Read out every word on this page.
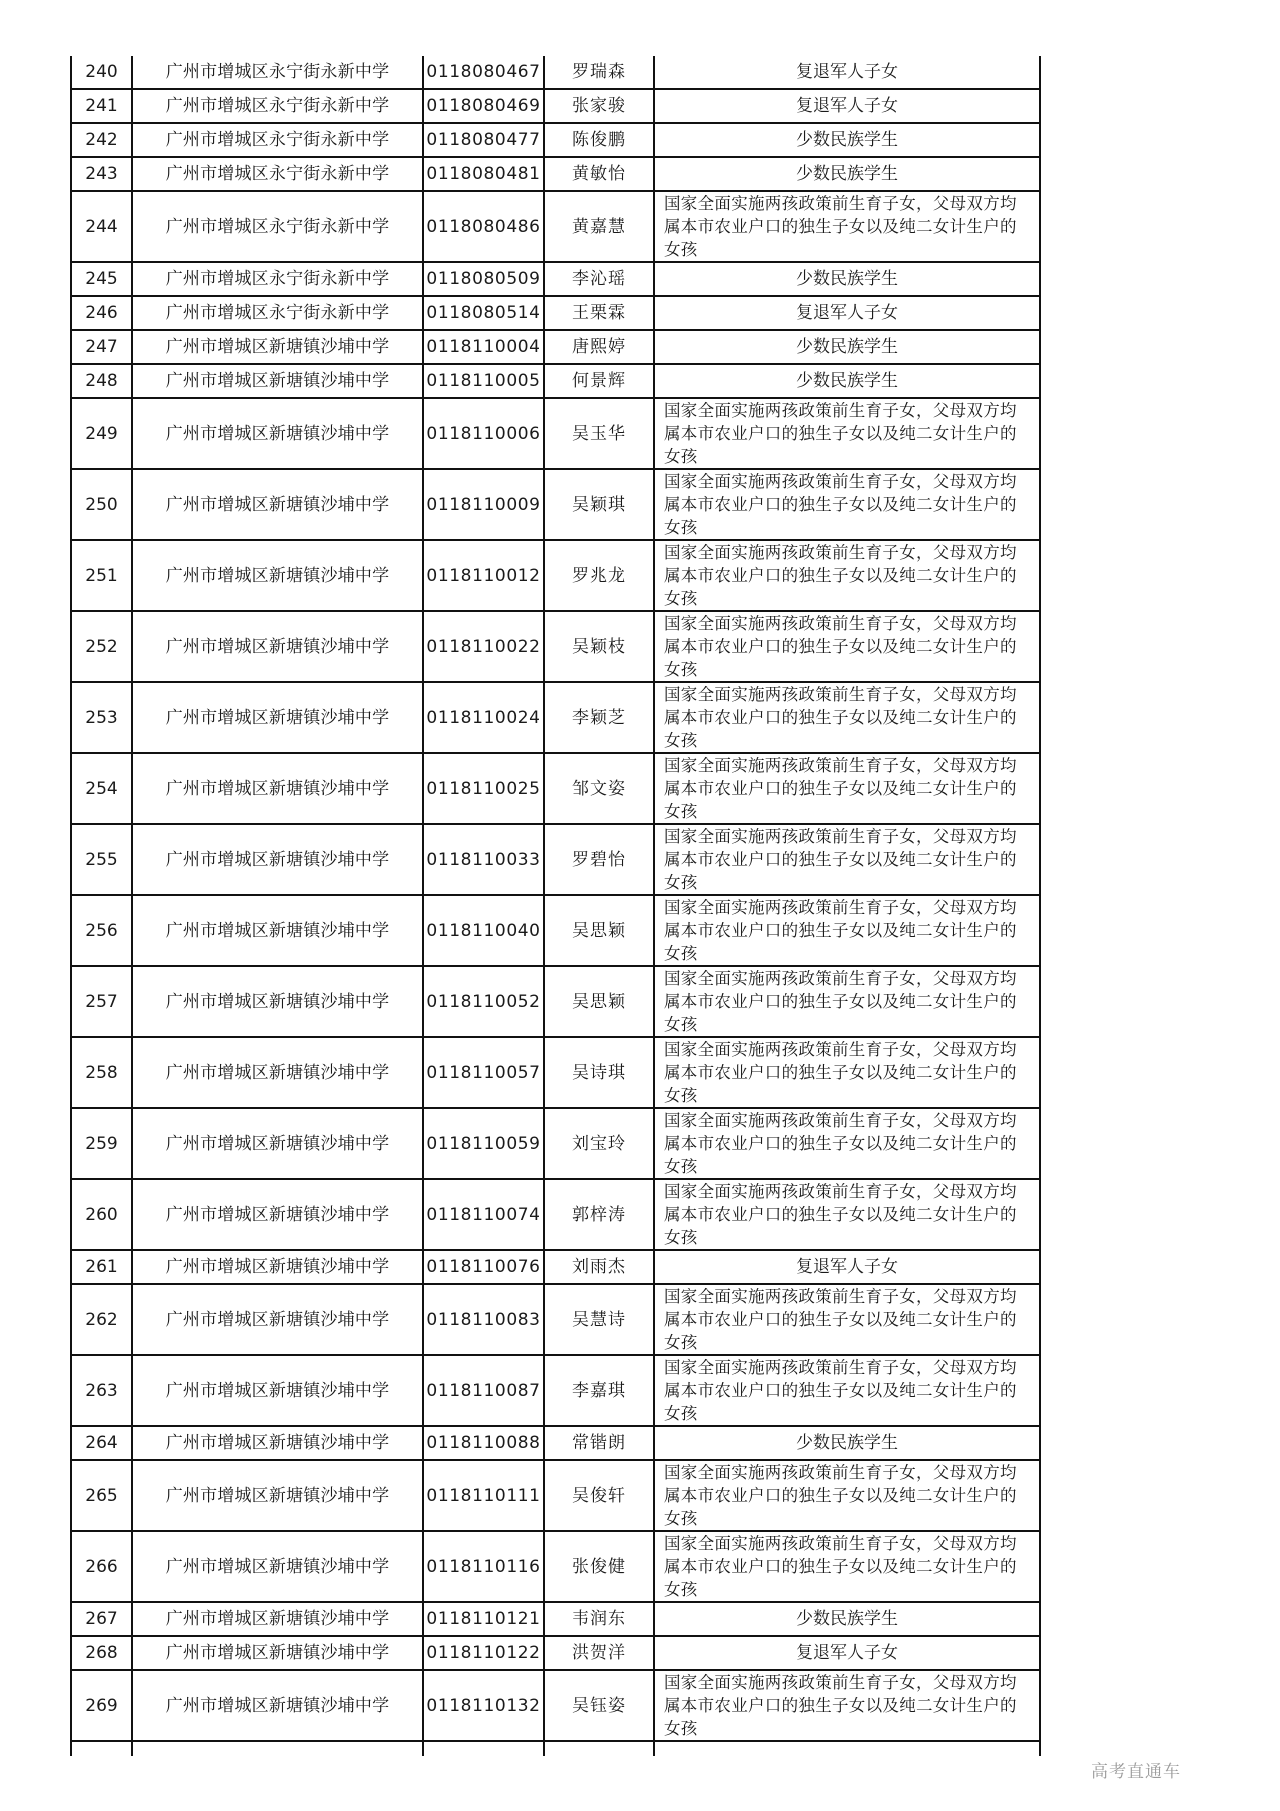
240	广州市增城区永宁街永新中学	0118080467	罗瑞森	复退军人子女
241	广州市增城区永宁街永新中学	0118080469	张家骏	复退军人子女
242	广州市增城区永宁街永新中学	0118080477	陈俊鹏	少数民族学生
243	广州市增城区永宁街永新中学	0118080481	黄敏怡	少数民族学生
244	广州市增城区永宁街永新中学	0118080486	黄嘉慧	国家全面实施两孩政策前生育子女，父母双方均属本市农业户口的独生子女以及纯二女计生户的女孩
245	广州市增城区永宁街永新中学	0118080509	李沁瑶	少数民族学生
246	广州市增城区永宁街永新中学	0118080514	王栗霖	复退军人子女
247	广州市增城区新塘镇沙埔中学	0118110004	唐熙婷	少数民族学生
248	广州市增城区新塘镇沙埔中学	0118110005	何景辉	少数民族学生
249	广州市增城区新塘镇沙埔中学	0118110006	吴玉华	国家全面实施两孩政策前生育子女，父母双方均属本市农业户口的独生子女以及纯二女计生户的女孩
250	广州市增城区新塘镇沙埔中学	0118110009	吴颖琪	国家全面实施两孩政策前生育子女，父母双方均属本市农业户口的独生子女以及纯二女计生户的女孩
251	广州市增城区新塘镇沙埔中学	0118110012	罗兆龙	国家全面实施两孩政策前生育子女，父母双方均属本市农业户口的独生子女以及纯二女计生户的女孩
252	广州市增城区新塘镇沙埔中学	0118110022	吴颖枝	国家全面实施两孩政策前生育子女，父母双方均属本市农业户口的独生子女以及纯二女计生户的女孩
253	广州市增城区新塘镇沙埔中学	0118110024	李颖芝	国家全面实施两孩政策前生育子女，父母双方均属本市农业户口的独生子女以及纯二女计生户的女孩
254	广州市增城区新塘镇沙埔中学	0118110025	邹文姿	国家全面实施两孩政策前生育子女，父母双方均属本市农业户口的独生子女以及纯二女计生户的女孩
255	广州市增城区新塘镇沙埔中学	0118110033	罗碧怡	国家全面实施两孩政策前生育子女，父母双方均属本市农业户口的独生子女以及纯二女计生户的女孩
256	广州市增城区新塘镇沙埔中学	0118110040	吴思颖	国家全面实施两孩政策前生育子女，父母双方均属本市农业户口的独生子女以及纯二女计生户的女孩
257	广州市增城区新塘镇沙埔中学	0118110052	吴思颖	国家全面实施两孩政策前生育子女，父母双方均属本市农业户口的独生子女以及纯二女计生户的女孩
258	广州市增城区新塘镇沙埔中学	0118110057	吴诗琪	国家全面实施两孩政策前生育子女，父母双方均属本市农业户口的独生子女以及纯二女计生户的女孩
259	广州市增城区新塘镇沙埔中学	0118110059	刘宝玲	国家全面实施两孩政策前生育子女，父母双方均属本市农业户口的独生子女以及纯二女计生户的女孩
260	广州市增城区新塘镇沙埔中学	0118110074	郭梓涛	国家全面实施两孩政策前生育子女，父母双方均属本市农业户口的独生子女以及纯二女计生户的女孩
261	广州市增城区新塘镇沙埔中学	0118110076	刘雨杰	复退军人子女
262	广州市增城区新塘镇沙埔中学	0118110083	吴慧诗	国家全面实施两孩政策前生育子女，父母双方均属本市农业户口的独生子女以及纯二女计生户的女孩
263	广州市增城区新塘镇沙埔中学	0118110087	李嘉琪	国家全面实施两孩政策前生育子女，父母双方均属本市农业户口的独生子女以及纯二女计生户的女孩
264	广州市增城区新塘镇沙埔中学	0118110088	常锴朗	少数民族学生
265	广州市增城区新塘镇沙埔中学	0118110111	吴俊轩	国家全面实施两孩政策前生育子女，父母双方均属本市农业户口的独生子女以及纯二女计生户的女孩
266	广州市增城区新塘镇沙埔中学	0118110116	张俊健	国家全面实施两孩政策前生育子女，父母双方均属本市农业户口的独生子女以及纯二女计生户的女孩
267	广州市增城区新塘镇沙埔中学	0118110121	韦润东	少数民族学生
268	广州市增城区新塘镇沙埔中学	0118110122	洪贺洋	复退军人子女
269	广州市增城区新塘镇沙埔中学	0118110132	吴钰姿	国家全面实施两孩政策前生育子女，父母双方均属本市农业户口的独生子女以及纯二女计生户的女孩

高考直通车
